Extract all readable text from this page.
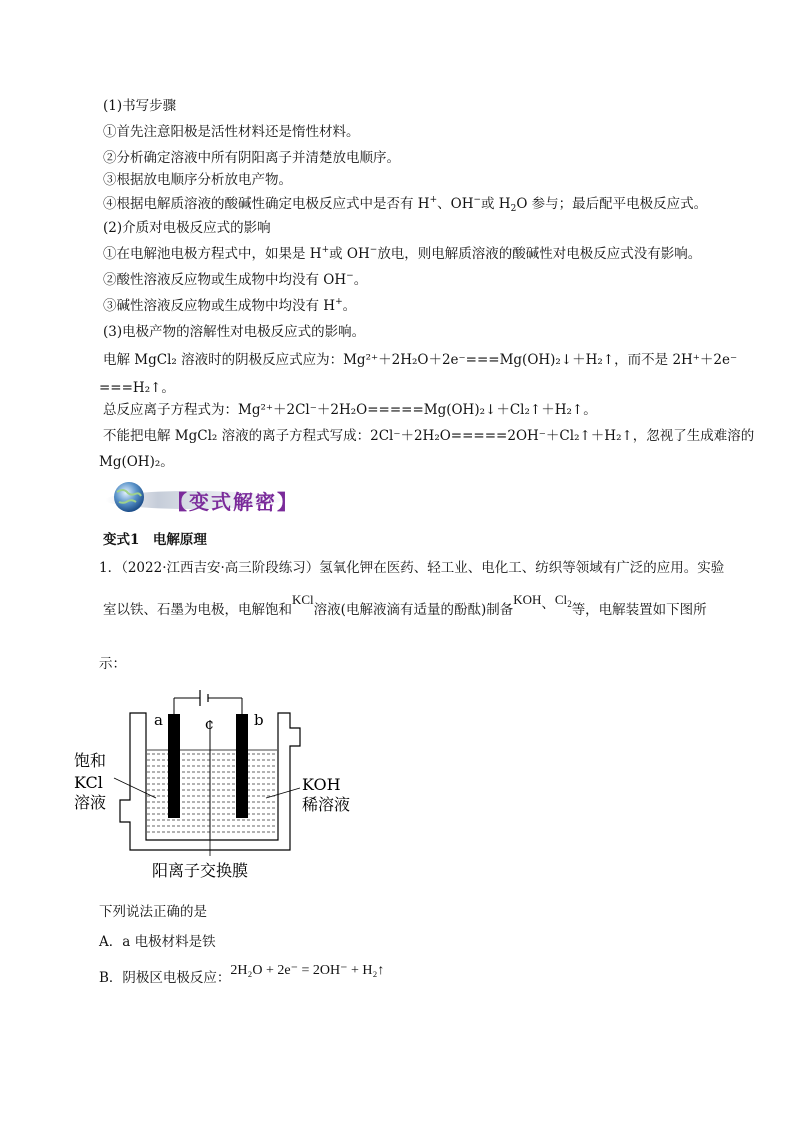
(1)书写步骤
①首先注意阳极是活性材料还是惰性材料。
②分析确定溶液中所有阴阳离子并清楚放电顺序。
③根据放电顺序分析放电产物。
④根据电解质溶液的酸碱性确定电极反应式中是否有 H+、OH−或 $H_2O$ 参与；最后配平电极反应式。
(2)介质对电极反应式的影响
①在电解池电极方程式中，如果是 H+或 OH−放电，则电解质溶液的酸碱性对电极反应式没有影响。
②酸性溶液反应物或生成物中均没有 OH−。
③碱性溶液反应物或生成物中均没有 H+。
(3)电极产物的溶解性对电极反应式的影响。
电解 MgCl₂ 溶液时的阴极反应式应为：Mg²⁺＋2H₂O＋2e⁻===Mg(OH)₂↓＋H₂↑，而不是 2H⁺＋2e⁻
===H₂↑。
总反应离子方程式为：Mg²⁺＋2Cl⁻＋2H₂O=====Mg(OH)₂↓＋Cl₂↑＋H₂↑。
不能把电解 MgCl₂ 溶液的离子方程式写成：2Cl⁻＋2H₂O=====2OH⁻＋Cl₂↑＋H₂↑，忽视了生成难溶的
Mg(OH)₂。
【变式解密】
变式1　电解原理
1．（2022·江西吉安·高三阶段练习）氢氧化钾在医药、轻工业、电化工、纺织等领域有广泛的应用。实验
室以铁、石墨为电极，电解饱和KCl溶液(电解液滴有适量的酚酞)制备KOH、$Cl_2$等，电解装置如下图所
示：
a	c	b
饱和
KCl
溶液
KOH
稀溶液
阳离子交换膜
下列说法正确的是
A．a 电极材料是铁
B．阴极区电极反应：2H₂O + 2e⁻ = 2OH⁻ + H₂↑
